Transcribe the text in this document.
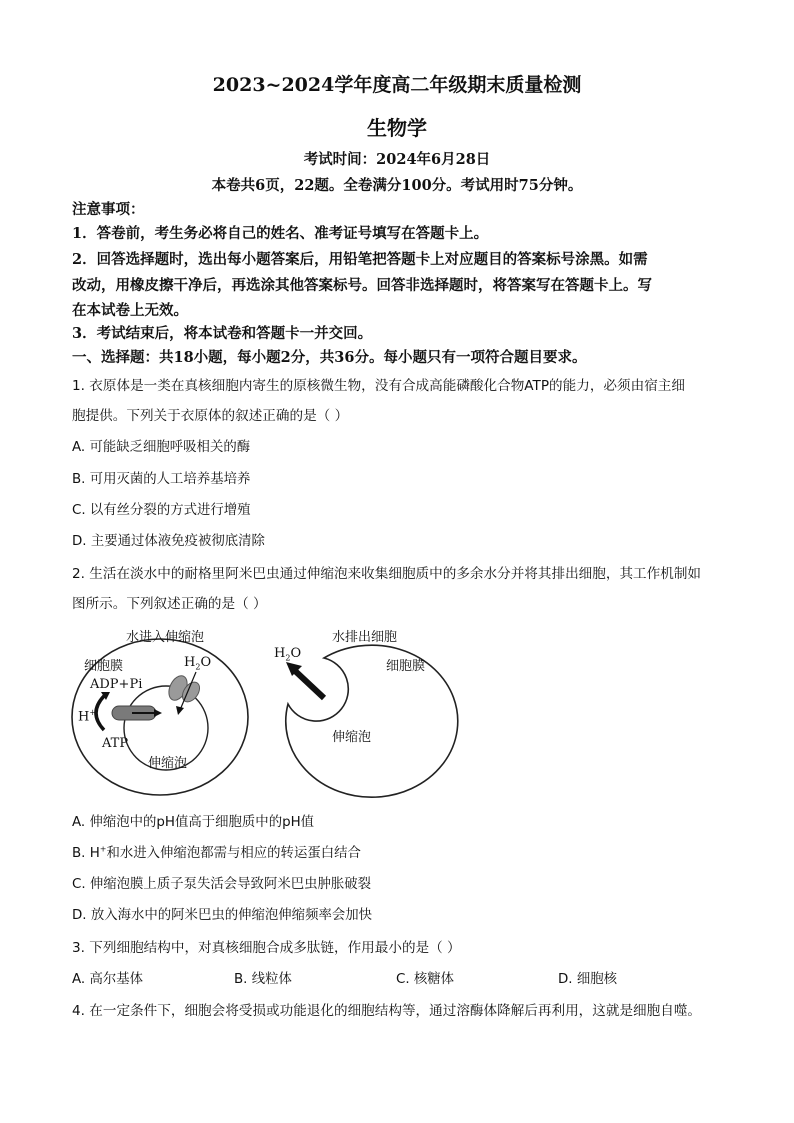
2023~2024学年度高二年级期末质量检测
生物学
考试时间：2024年6月28日
本卷共6页，22题。全卷满分100分。考试用时75分钟。
注意事项：
1．答卷前，考生务必将自己的姓名、准考证号填写在答题卡上。
2．回答选择题时，选出每小题答案后，用铅笔把答题卡上对应题目的答案标号涂黑。如需
改动，用橡皮擦干净后，再选涂其他答案标号。回答非选择题时，将答案写在答题卡上。写
在本试卷上无效。
3．考试结束后，将本试卷和答题卡一并交回。
一、选择题：共18小题，每小题2分，共36分。每小题只有一项符合题目要求。
1. 衣原体是一类在真核细胞内寄生的原核微生物，没有合成高能磷酸化合物ATP的能力，必须由宿主细
胞提供。下列关于衣原体的叙述正确的是（ ）
A. 可能缺乏细胞呼吸相关的酶
B. 可用灭菌的人工培养基培养
C. 以有丝分裂的方式进行增殖
D. 主要通过体液免疫被彻底清除
2. 生活在淡水中的耐格里阿米巴虫通过伸缩泡来收集细胞质中的多余水分并将其排出细胞，其工作机制如
图所示。下列叙述正确的是（ ）
水进入伸缩泡
细胞膜	$H_2O$
ADP+Pi
H+
ATP
伸缩泡
水排出细胞
$H_2O$
细胞膜
伸缩泡
A. 伸缩泡中的pH值高于细胞质中的pH值
B. H+和水进入伸缩泡都需与相应的转运蛋白结合
C. 伸缩泡膜上质子泵失活会导致阿米巴虫肿胀破裂
D. 放入海水中的阿米巴虫的伸缩泡伸缩频率会加快
3. 下列细胞结构中，对真核细胞合成多肽链，作用最小的是（ ）
A. 高尔基体	B. 线粒体	C. 核糖体	D. 细胞核
4. 在一定条件下，细胞会将受损或功能退化的细胞结构等，通过溶酶体降解后再利用，这就是细胞自噬。
